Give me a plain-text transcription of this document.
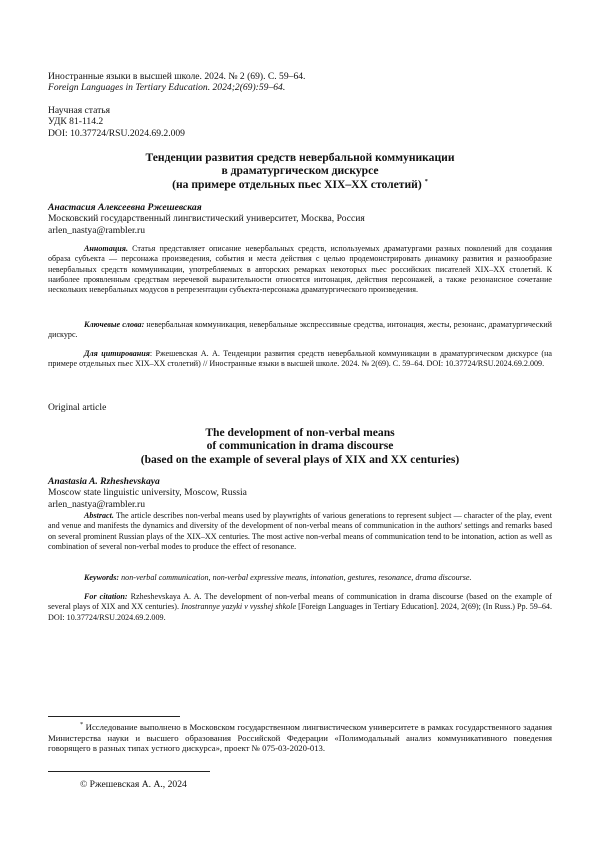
Иностранные языки в высшей школе. 2024. № 2 (69). С. 59–64.
Foreign Languages in Tertiary Education. 2024;2(69):59–64.
Научная статья
УДК 81-114.2
DOI: 10.37724/RSU.2024.69.2.009
Тенденции развития средств невербальной коммуникации
в драматургическом дискурсе
(на примере отдельных пьес XIX–XX столетий) *
Анастасия Алексеевна Ржешевская
Московский государственный лингвистический университет, Москва, Россия
arlen_nastya@rambler.ru
Аннотация. Статья представляет описание невербальных средств, используемых драматургами разных поколений для создания образа субъекта — персонажа произведения, события и места действия с целью продемонстрировать динамику развития и разнообразие невербальных средств коммуникации, употребляемых в авторских ремарках некоторых пьес российских писателей XIX–XX столетий. К наиболее проявленным средствам неречевой выразительности относятся интонация, действия персонажей, а также резонансное сочетание нескольких невербальных модусов в репрезентации субъекта-персонажа драматургического произведения.
Ключевые слова: невербальная коммуникация, невербальные экспрессивные средства, интонация, жесты, резонанс, драматургический дискурс.
Для цитирования: Ржешевская А. А. Тенденции развития средств невербальной коммуникации в драматургическом дискурсе (на примере отдельных пьес XIX–XX столетий) // Иностранные языки в высшей школе. 2024. № 2(69). С. 59–64. DOI: 10.37724/RSU.2024.69.2.009.
Original article
The development of non-verbal means
of communication in drama discourse
(based on the example of several plays of XIX and XX centuries)
Anastasia A. Rzheshevskaya
Moscow state linguistic university, Moscow, Russia
arlen_nastya@rambler.ru
Abstract. The article describes non-verbal means used by playwrights of various generations to represent subject — character of the play, event and venue and manifests the dynamics and diversity of the development of non-verbal means of communication in the authors' settings and remarks based on several prominent Russian plays of the XIX–XX centuries. The most active non-verbal means of communication tend to be intonation, action as well as combination of several non-verbal modes to produce the effect of resonance.
Keywords: non-verbal communication, non-verbal expressive means, intonation, gestures, resonance, drama discourse.
For citation: Rzheshevskaya A. A. The development of non-verbal means of communication in drama discourse (based on the example of several plays of XIX and XX centuries). Inostrannye yazyki v vysshej shkole [Foreign Languages in Tertiary Education]. 2024, 2(69); (In Russ.) Pp. 59–64. DOI: 10.37724/RSU.2024.69.2.009.
* Исследование выполнено в Московском государственном лингвистическом университете в рамках государственного задания Министерства науки и высшего образования Российской Федерации «Полимодальный анализ коммуникативного поведения говорящего в разных типах устного дискурса», проект № 075-03-2020-013.
© Ржешевская А. А., 2024
